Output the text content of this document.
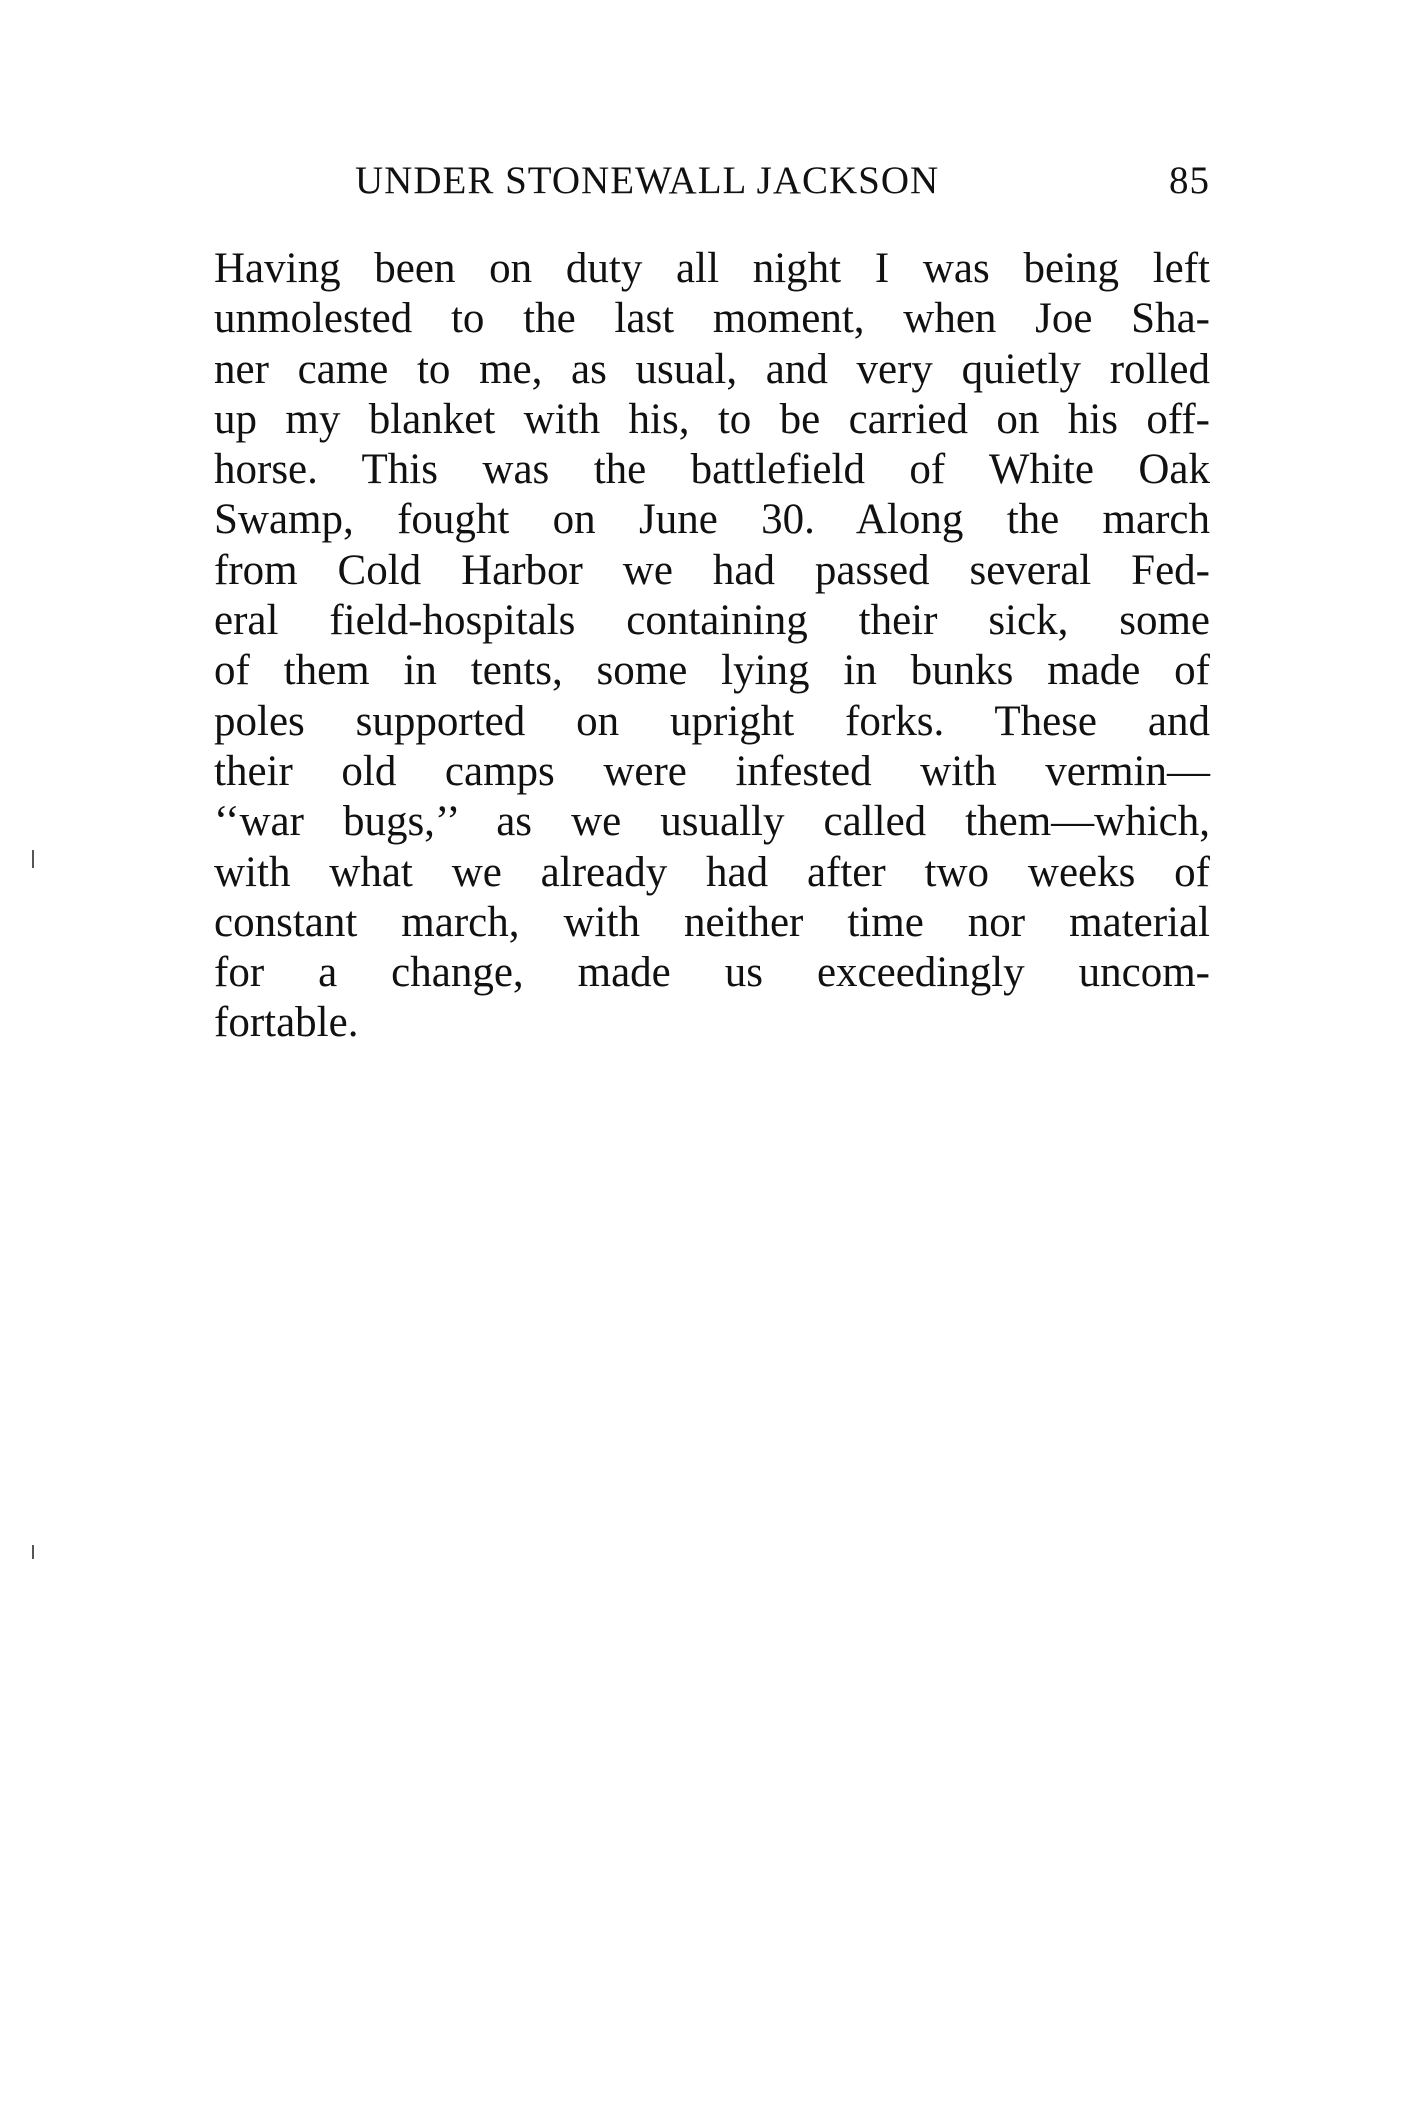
UNDER STONEWALL JACKSON	85

Having been on duty all night I was being left
unmolested to the last moment, when Joe Sha-
ner came to me, as usual, and very quietly rolled
up my blanket with his, to be carried on his off-
horse. This was the battlefield of White Oak
Swamp, fought on June 30. Along the march
from Cold Harbor we had passed several Fed-
eral field-hospitals containing their sick, some
of them in tents, some lying in bunks made of
poles supported on upright forks. These and
their old camps were infested with vermin—
‘‘war bugs,’’ as we usually called them—which,
with what we already had after two weeks of
constant march, with neither time nor material
for a change, made us exceedingly uncom-
fortable.
